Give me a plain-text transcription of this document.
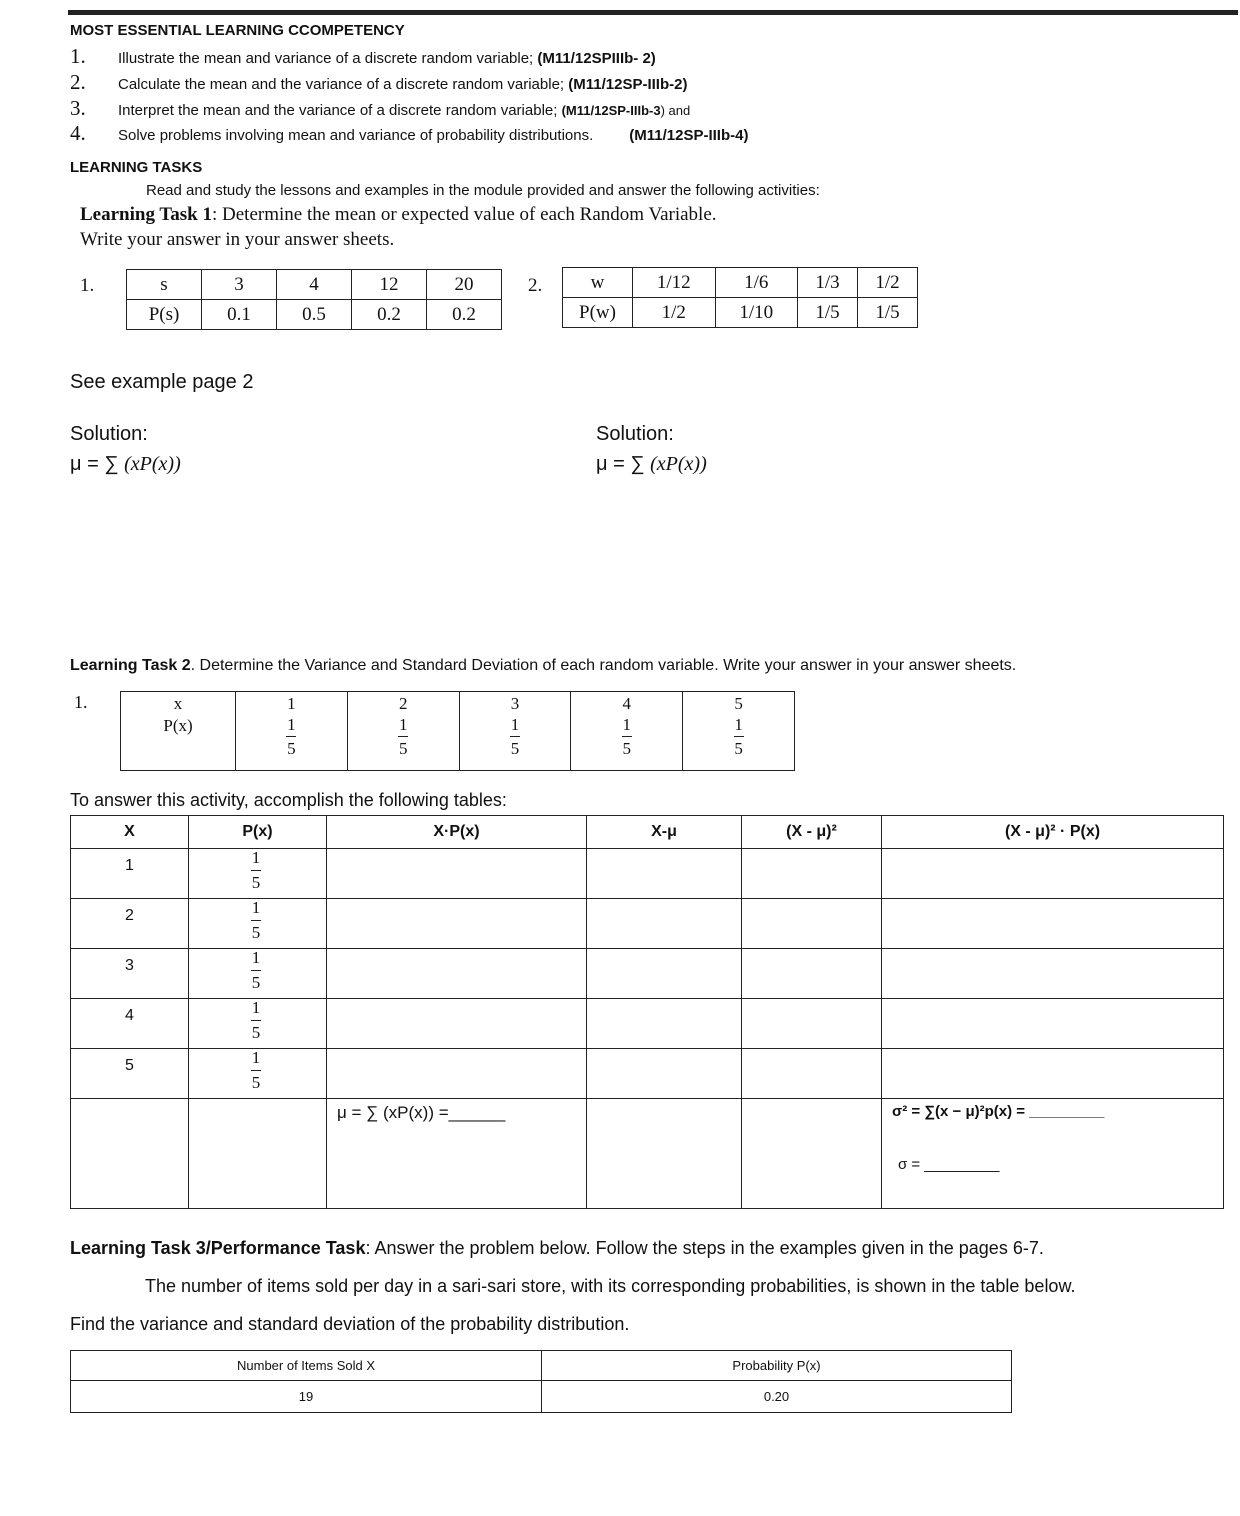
MOST ESSENTIAL LEARNING CCOMPETENCY
1. Illustrate the mean and variance of a discrete random variable; (M11/12SPIIIb- 2)
2. Calculate the mean and the variance of a discrete random variable; (M11/12SP-IIIb-2)
3. Interpret the mean and the variance of a discrete random variable; (M11/12SP-IIIb-3) and
4. Solve problems involving mean and variance of probability distributions. (M11/12SP-IIIb-4)
LEARNING TASKS
Read and study the lessons and examples in the module provided and answer the following activities:
Learning Task 1: Determine the mean or expected value of each Random Variable.
Write your answer in your answer sheets.
1.	s	3	4	12	20
P(s)	0.1	0.5	0.2	0.2
2.	w	1/12	1/6	1/3	1/2
P(w)	1/2	1/10	1/5	1/5
See example page 2
Solution:
μ = ∑ (xP(x))
Solution:
μ = ∑ (xP(x))
Learning Task 2. Determine the Variance and Standard Deviation of each random variable. Write your answer in your answer sheets.
1.	x	1	2	3	4	5
P(x)	$\frac{1}{5}$	$\frac{1}{5}$	$\frac{1}{5}$	$\frac{1}{5}$	$\frac{1}{5}$
To answer this activity, accomplish the following tables:
X	P(x)	X·P(x)	X-μ	(X - μ)²	(X - μ)² · P(x)
1	$\frac{1}{5}$

2	$\frac{1}{5}$

3	$\frac{1}{5}$

4	$\frac{1}{5}$

5	$\frac{1}{5}$

		μ = ∑ (xP(x)) =______			σ² = ∑(x − μ)²p(x) = _________
σ = _________
Learning Task 3/Performance Task: Answer the problem below. Follow the steps in the examples given in the pages 6-7.
The number of items sold per day in a sari-sari store, with its corresponding probabilities, is shown in the table below.
Find the variance and standard deviation of the probability distribution.
Number of Items Sold X	Probability P(x)
19	0.20
